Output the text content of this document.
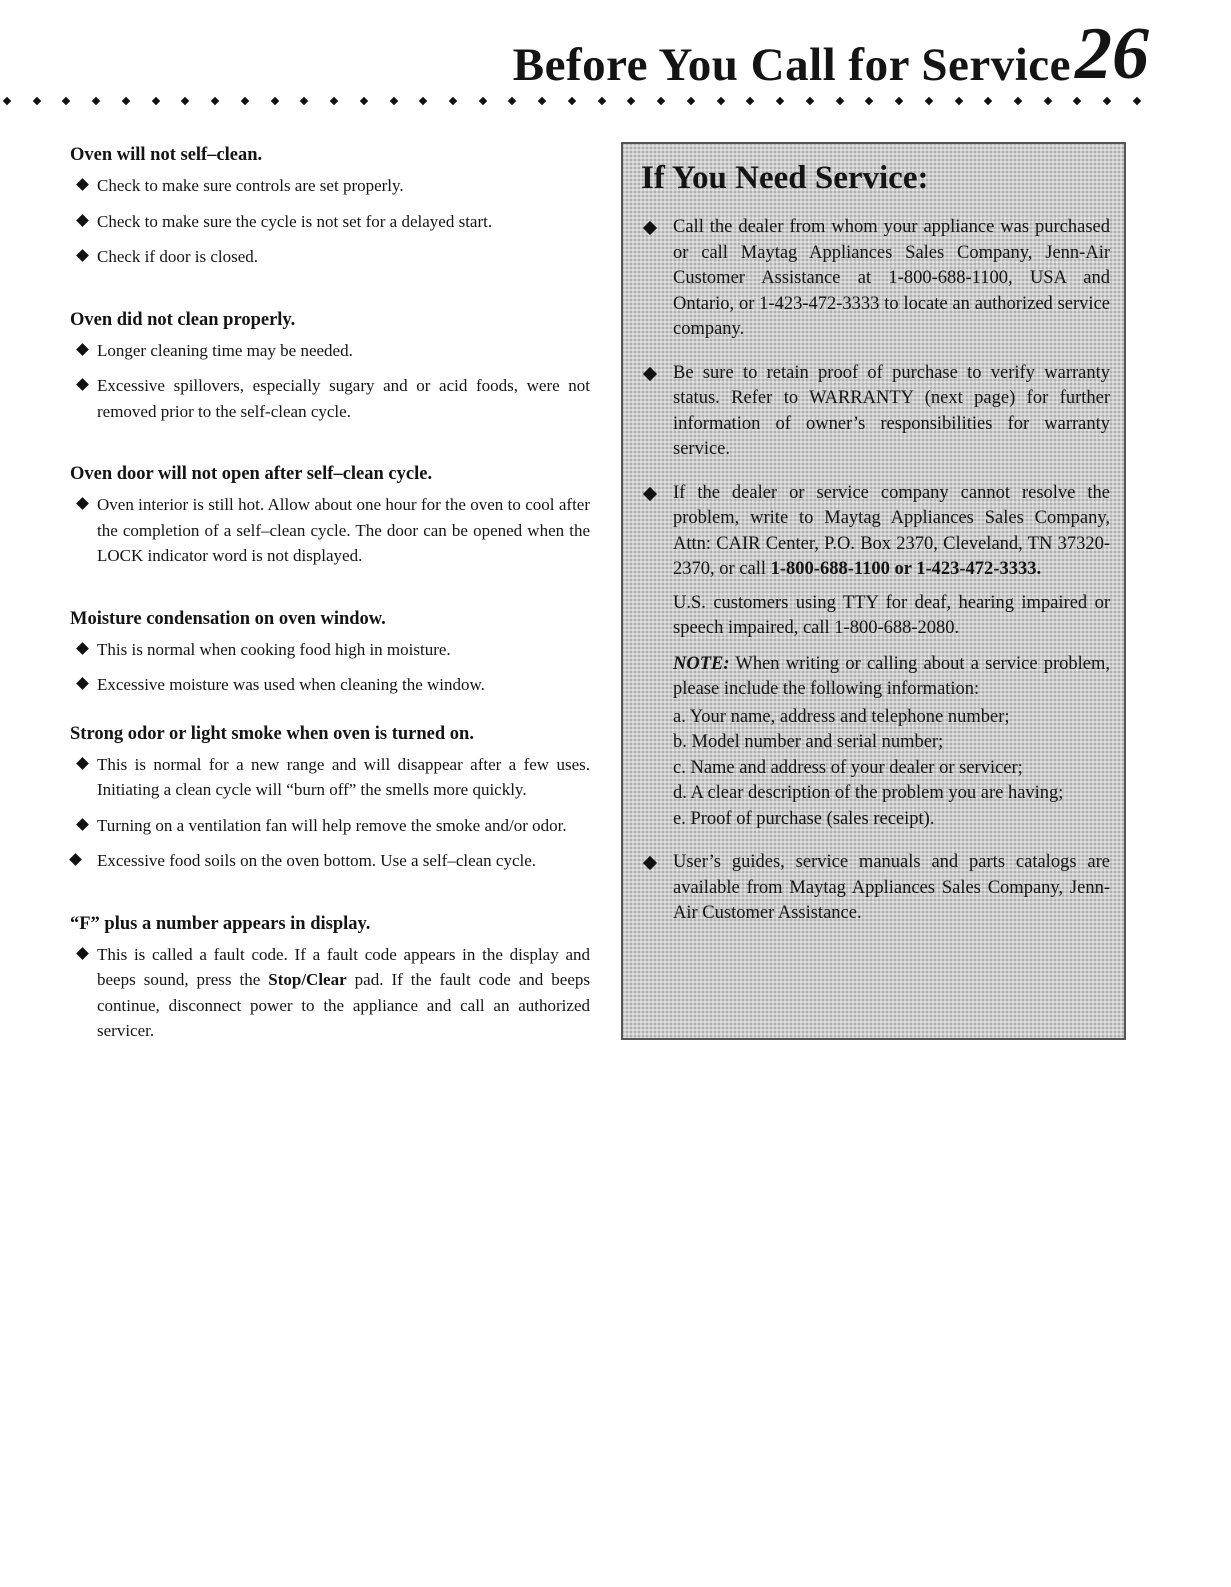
Before You Call for Service 26
Oven will not self–clean.
Check to make sure controls are set properly.
Check to make sure the cycle is not set for a delayed start.
Check if door is closed.
Oven did not clean properly.
Longer cleaning time may be needed.
Excessive spillovers, especially sugary and or acid foods, were not removed prior to the self-clean cycle.
Oven door will not open after self–clean cycle.
Oven interior is still hot. Allow about one hour for the oven to cool after the completion of a self–clean cycle. The door can be opened when the LOCK indicator word is not displayed.
Moisture condensation on oven window.
This is normal when cooking food high in moisture.
Excessive moisture was used when cleaning the window.
Strong odor or light smoke when oven is turned on.
This is normal for a new range and will disappear after a few uses. Initiating a clean cycle will “burn off” the smells more quickly.
Turning on a ventilation fan will help remove the smoke and/or odor.
Excessive food soils on the oven bottom. Use a self–clean cycle.
“F” plus a number appears in display.
This is called a fault code. If a fault code appears in the display and beeps sound, press the Stop/Clear pad. If the fault code and beeps continue, disconnect power to the appliance and call an authorized servicer.
If You Need Service:
Call the dealer from whom your appliance was purchased or call Maytag Appliances Sales Company, Jenn-Air Customer Assistance at 1-800-688-1100, USA and Ontario, or 1-423-472-3333 to locate an authorized service company.
Be sure to retain proof of purchase to verify warranty status. Refer to WARRANTY (next page) for further information of owner’s responsibilities for warranty service.
If the dealer or service company cannot resolve the problem, write to Maytag Appliances Sales Company, Attn: CAIR Center, P.O. Box 2370, Cleveland, TN 37320-2370, or call 1-800-688-1100 or 1-423-472-3333.
U.S. customers using TTY for deaf, hearing impaired or speech impaired, call 1-800-688-2080.
NOTE: When writing or calling about a service problem, please include the following information:
a. Your name, address and telephone number;
b. Model number and serial number;
c. Name and address of your dealer or servicer;
d. A clear description of the problem you are having;
e. Proof of purchase (sales receipt).
User’s guides, service manuals and parts catalogs are available from Maytag Appliances Sales Company, Jenn-Air Customer Assistance.
